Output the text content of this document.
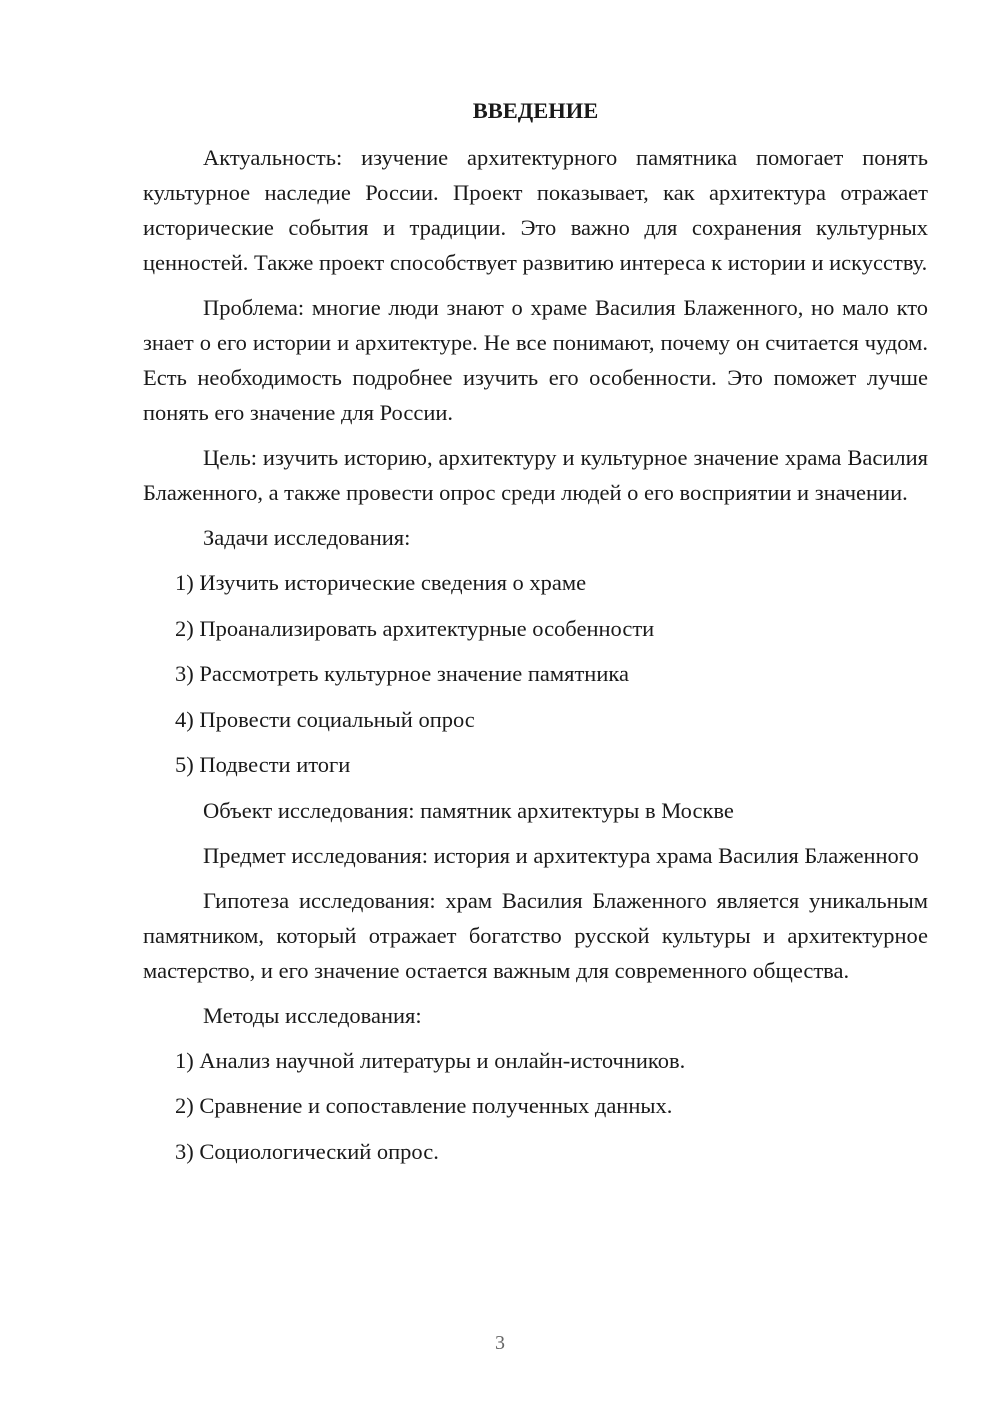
ВВЕДЕНИЕ

Актуальность: изучение архитектурного памятника помогает понять культурное наследие России. Проект показывает, как архитектура отражает исторические события и традиции. Это важно для сохранения культурных ценностей. Также проект способствует развитию интереса к истории и искусству.

Проблема: многие люди знают о храме Василия Блаженного, но мало кто знает о его истории и архитектуре. Не все понимают, почему он считается чудом. Есть необходимость подробнее изучить его особенности. Это поможет лучше понять его значение для России.

Цель: изучить историю, архитектуру и культурное значение храма Василия Блаженного, а также провести опрос среди людей о его восприятии и значении.

Задачи исследования:
1) Изучить исторические сведения о храме
2) Проанализировать архитектурные особенности
3) Рассмотреть культурное значение памятника
4) Провести социальный опрос
5) Подвести итоги
Объект исследования: памятник архитектуры в Москве

Предмет исследования: история и архитектура храма Василия Блаженного

Гипотеза исследования: храм Василия Блаженного является уникальным памятником, который отражает богатство русской культуры и архитектурное мастерство, и его значение остается важным для современного общества.

Методы исследования:
1) Анализ научной литературы и онлайн-источников.
2) Сравнение и сопоставление полученных данных.
3) Социологический опрос.
3
